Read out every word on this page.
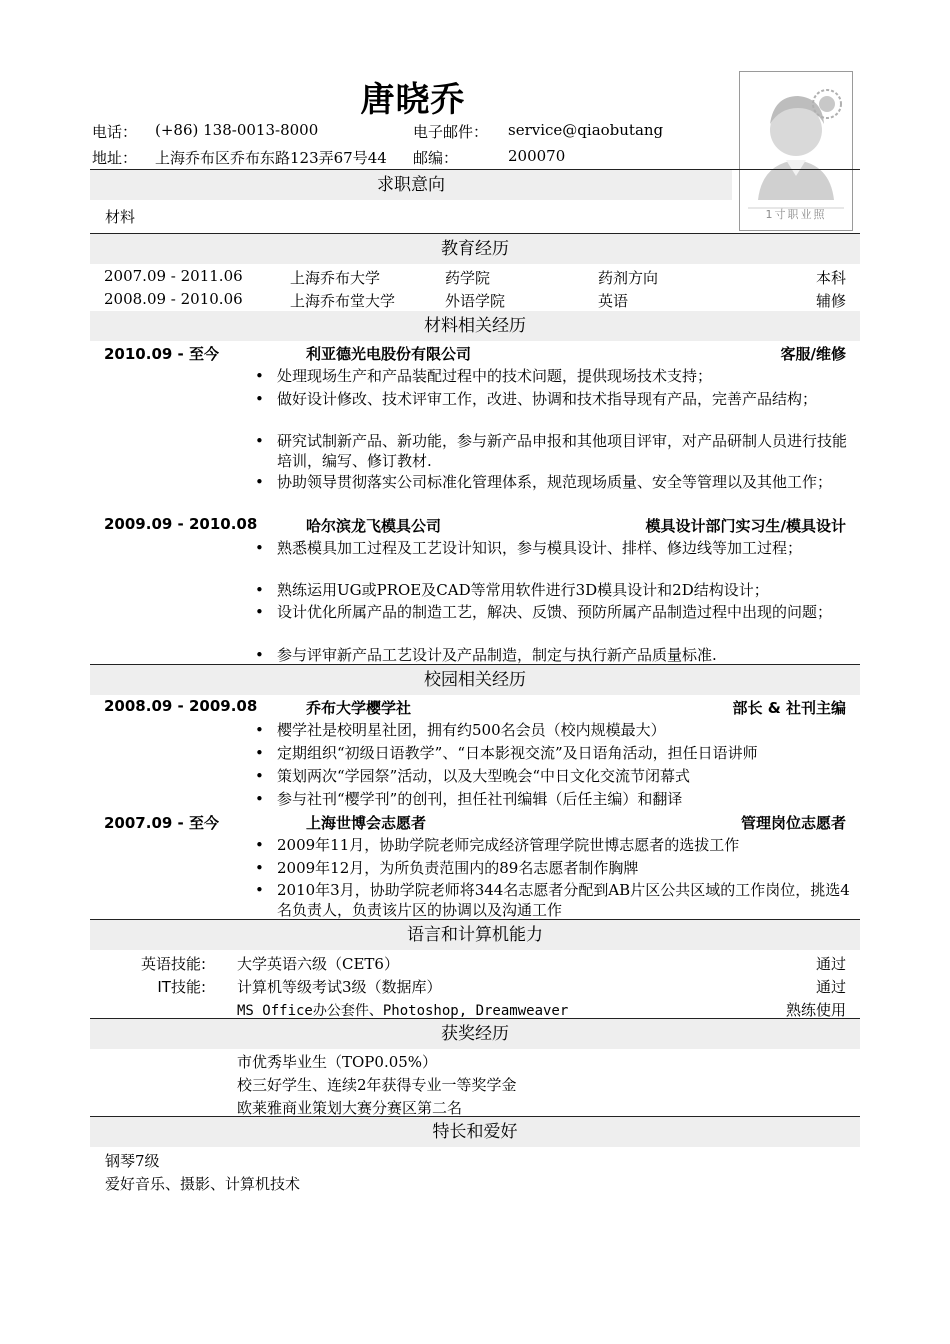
唐晓乔
电话： (+86) 138-0013-8000	电子邮件： service@qiaobutang
地址： 上海乔布区乔布东路123弄67号44 邮编：	200070
1寸职业照
求职意向
材料
教育经历
2007.09 - 2011.06	上海乔布大学	药学院	药剂方向	本科
2008.09 - 2010.06	上海乔布堂大学	外语学院	英语	辅修
材料相关经历
2010.09 - 至今	利亚德光电股份有限公司	客服/维修
• 处理现场生产和产品装配过程中的技术问题，提供现场技术支持；
• 做好设计修改、技术评审工作，改进、协调和技术指导现有产品，完善产品结构；
• 研究试制新产品、新功能，参与新产品申报和其他项目评审，对产品研制人员进行技能培训，编写、修订教材.
• 协助领导贯彻落实公司标准化管理体系，规范现场质量、安全等管理以及其他工作；
2009.09 - 2010.08	哈尔滨龙飞模具公司	模具设计部门实习生/模具设计
• 熟悉模具加工过程及工艺设计知识，参与模具设计、排样、修边线等加工过程；
• 熟练运用UG或PROE及CAD等常用软件进行3D模具设计和2D结构设计；
• 设计优化所属产品的制造工艺，解决、反馈、预防所属产品制造过程中出现的问题；
• 参与评审新产品工艺设计及产品制造，制定与执行新产品质量标准.
校园相关经历
2008.09 - 2009.08	乔布大学樱学社	部长 & 社刊主编
• 樱学社是校明星社团，拥有约500名会员（校内规模最大）
• 定期组织“初级日语教学”、“日本影视交流”及日语角活动，担任日语讲师
• 策划两次“学园祭”活动，以及大型晚会“中日文化交流节闭幕式
• 参与社刊“樱学刊”的创刊，担任社刊编辑（后任主编）和翻译
2007.09 - 至今	上海世博会志愿者	管理岗位志愿者
• 2009年11月，协助学院老师完成经济管理学院世博志愿者的选拔工作
• 2009年12月，为所负责范围内的89名志愿者制作胸牌
• 2010年3月，协助学院老师将344名志愿者分配到AB片区公共区域的工作岗位，挑选4名负责人，负责该片区的协调以及沟通工作
语言和计算机能力
英语技能: 大学英语六级（CET6）	通过
IT技能: 计算机等级考试3级（数据库）	通过
MS Office办公套件、Photoshop, Dreamweaver	熟练使用
获奖经历
市优秀毕业生（TOP0.05%）
校三好学生、连续2年获得专业一等奖学金
欧莱雅商业策划大赛分赛区第二名
特长和爱好
钢琴7级
爱好音乐、摄影、计算机技术
